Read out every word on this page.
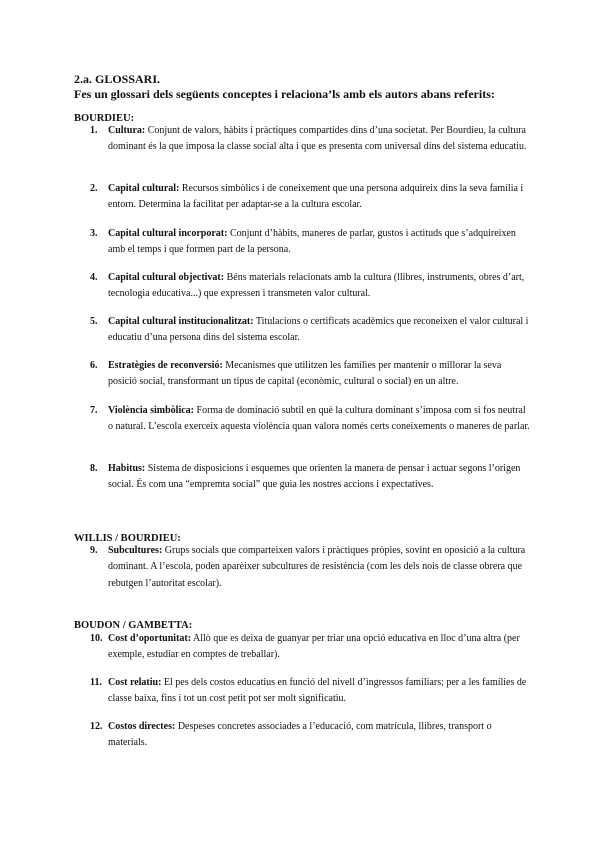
2.a. GLOSSARI.
Fes un glossari dels següents conceptes i relaciona’ls amb els autors abans referits:
BOURDIEU:
1. Cultura: Conjunt de valors, hàbits i pràctiques compartides dins d’una societat. Per Bourdieu, la cultura dominant és la que imposa la classe social alta i que es presenta com universal dins del sistema educatiu.
2. Capital cultural: Recursos simbòlics i de coneixement que una persona adquireix dins la seva família i entorn. Determina la facilitat per adaptar-se a la cultura escolar.
3. Capital cultural incorporat: Conjunt d’hàbits, maneres de parlar, gustos i actituds que s’adquireixen amb el temps i que formen part de la persona.
4. Capital cultural objectivat: Béns materials relacionats amb la cultura (llibres, instruments, obres d’art, tecnologia educativa...) que expressen i transmeten valor cultural.
5. Capital cultural institucionalitzat: Titulacions o certificats acadèmics que reconeixen el valor cultural i educatiu d’una persona dins del sistema escolar.
6. Estratègies de reconversió: Mecanismes que utilitzen les famílies per mantenir o millorar la seva posició social, transformant un tipus de capital (econòmic, cultural o social) en un altre.
7. Violència simbòlica: Forma de dominació subtil en què la cultura dominant s’imposa com si fos neutral o natural. L’escola exerceix aquesta violència quan valora només certs coneixements o maneres de parlar.
8. Habitus: Sistema de disposicions i esquemes que orienten la manera de pensar i actuar segons l’origen social. És com una “empremta social” que guia les nostres accions i expectatives.
WILLIS / BOURDIEU:
9. Subcultures: Grups socials que comparteixen valors i pràctiques pròpies, sovint en oposició a la cultura dominant. A l’escola, poden aparèixer subcultures de resistència (com les dels nois de classe obrera que rebutgen l’autoritat escolar).
BOUDON / GAMBETTA:
10. Cost d’oportunitat: Allò que es deixa de guanyar per triar una opció educativa en lloc d’una altra (per exemple, estudiar en comptes de treballar).
11. Cost relatiu: El pes dels costos educatius en funció del nivell d’ingressos familiars; per a les famílies de classe baixa, fins i tot un cost petit pot ser molt significatiu.
12. Costos directes: Despeses concretes associades a l’educació, com matrícula, llibres, transport o materials.
